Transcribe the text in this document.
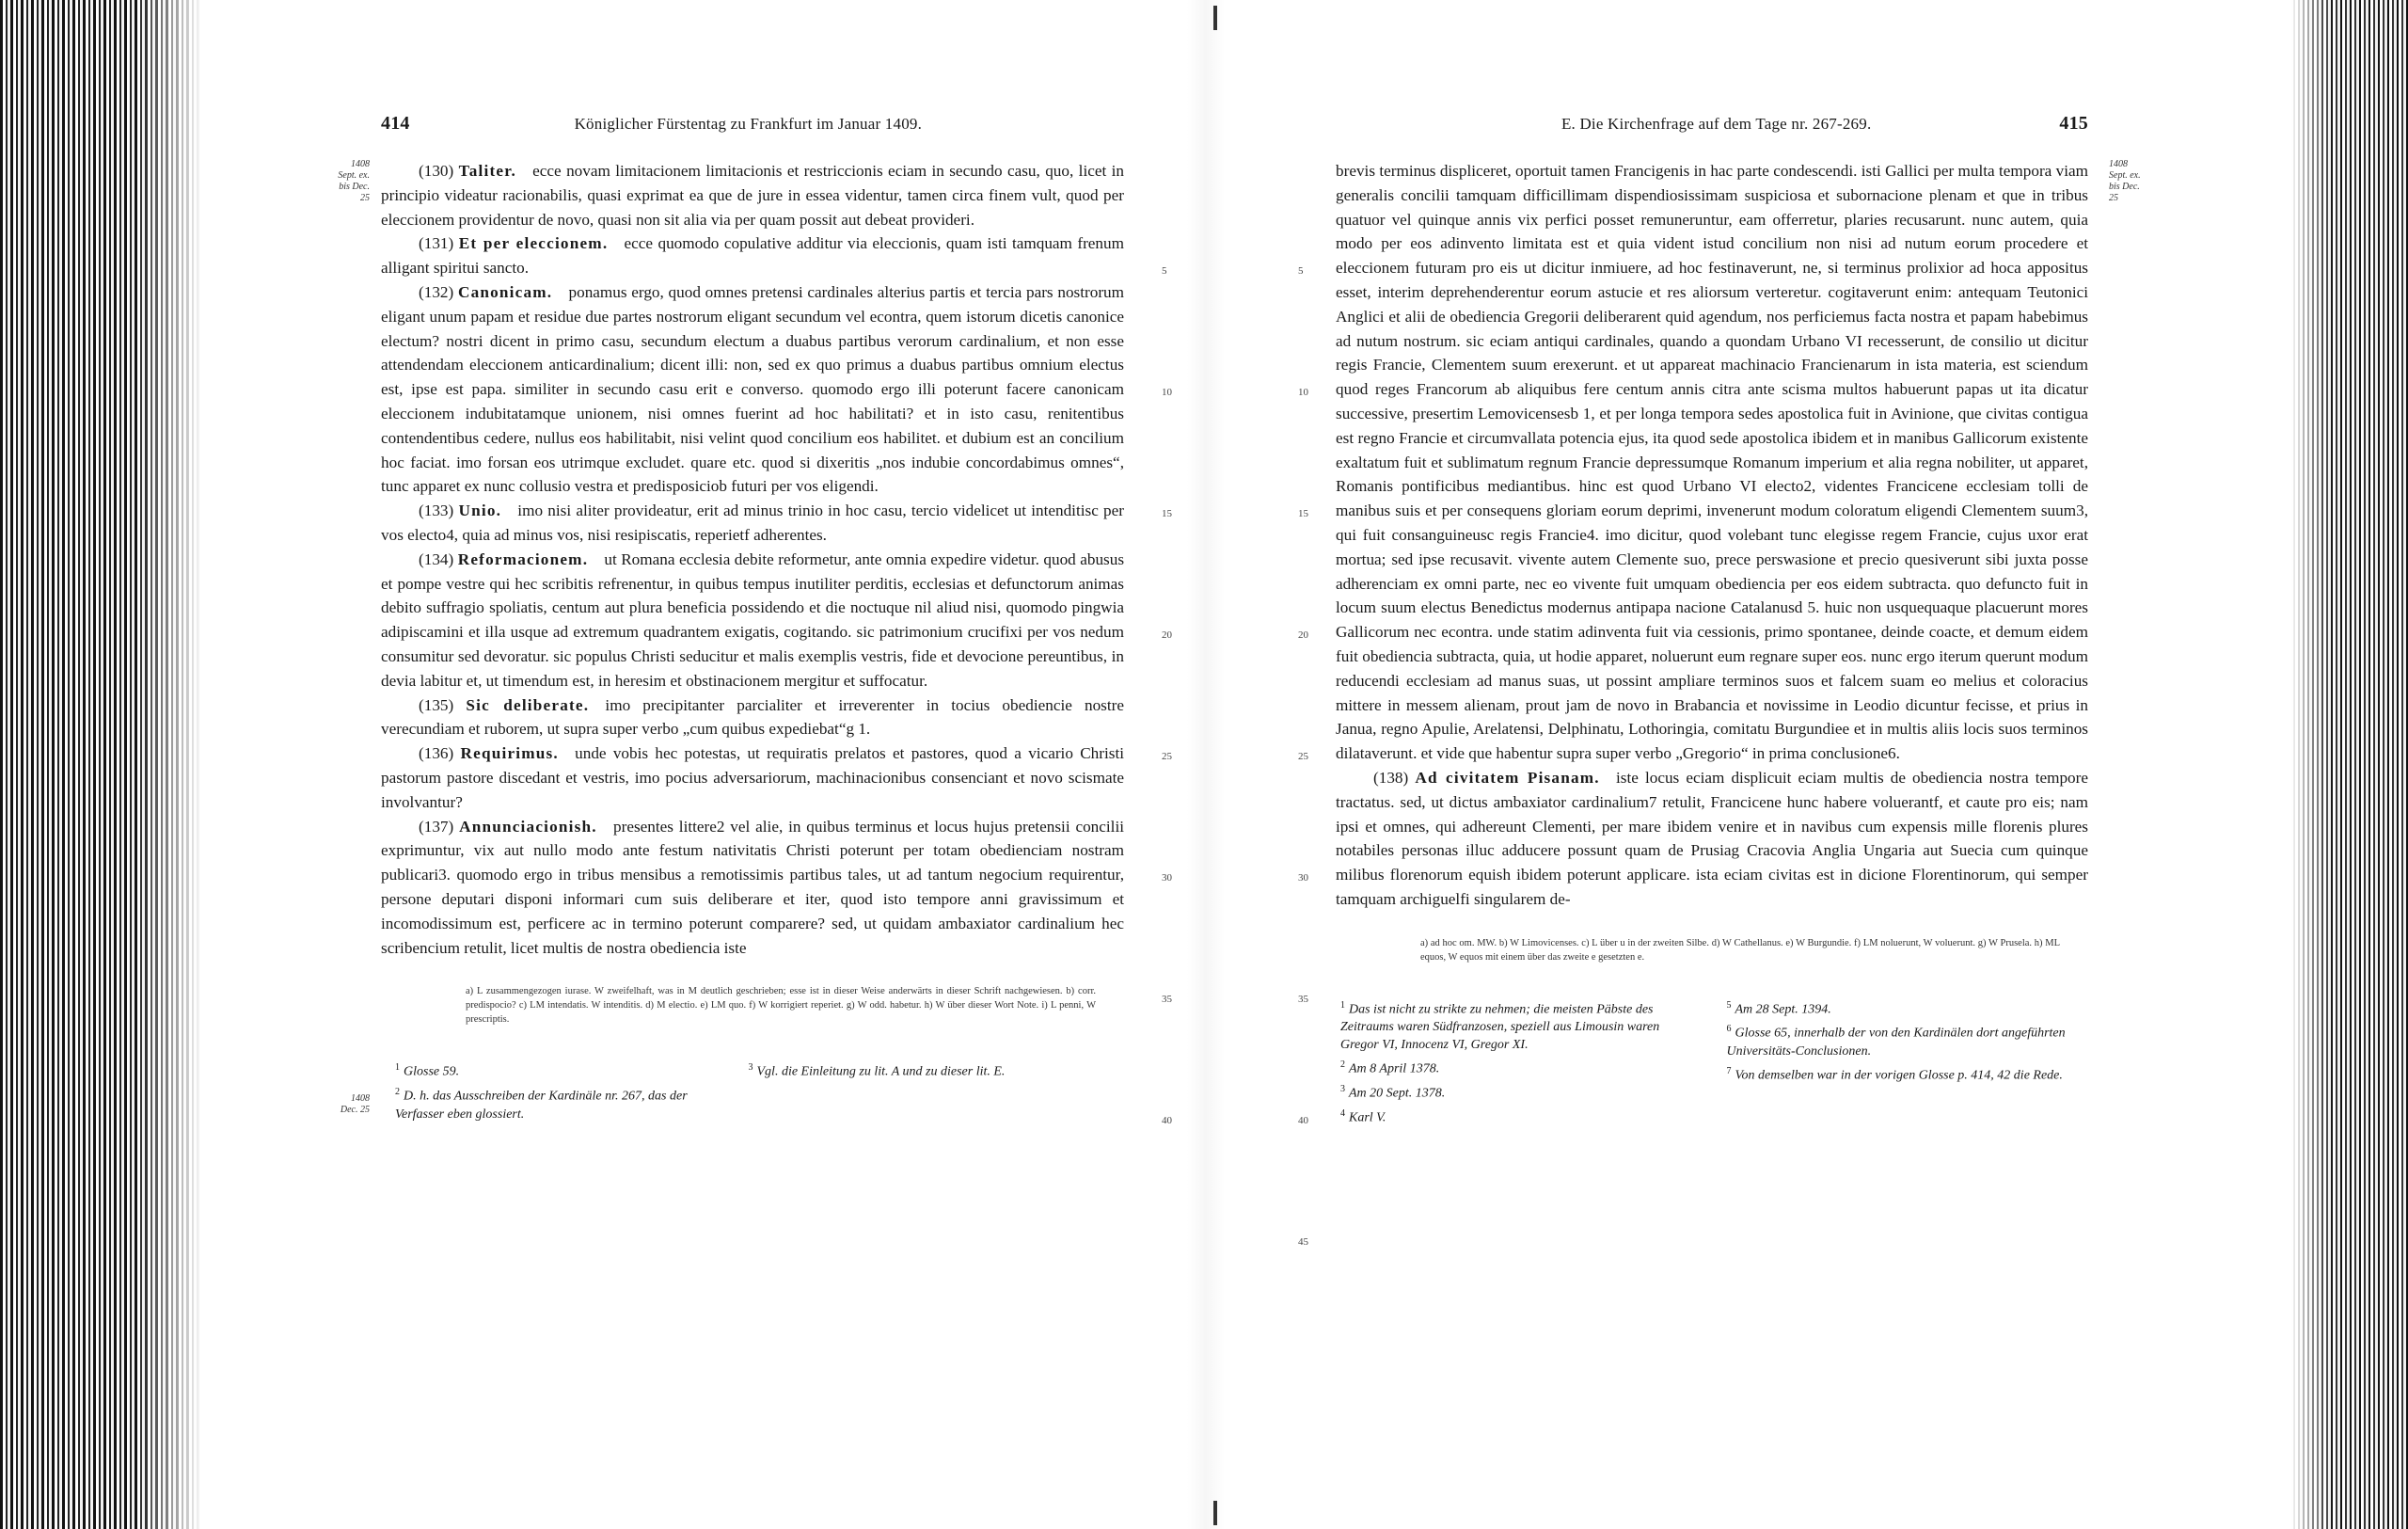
414	Königlicher Fürstentag zu Frankfurt im Januar 1409.
1408 Sept. ex. bis Dec. 25
1408 Dec. 25
5
10
15
20
25
30
35
40

(130) Taliter.  ecce novam limitacionem limitacionis et restriccionis eciam in secundo casu, quo, licet in principio videatur racionabilis, quasi exprimat ea que de jure in essea videntur, tamen circa finem vult, quod per eleccionem providentur de novo, quasi non sit alia via per quam possit aut debeat provideri.

(131) Et per eleccionem.  ecce quomodo copulative additur via eleccionis, quam isti tamquam frenum alligant spiritui sancto.

(132) Canonicam.  ponamus ergo, quod omnes pretensi cardinales alterius partis et tercia pars nostrorum eligant unum papam et residue due partes nostrorum eligant secundum vel econtra, quem istorum dicetis canonice electum? nostri dicent in primo casu, secundum electum a duabus partibus verorum cardinalium, et non esse attendendam eleccionem anticardinalium; dicent illi: non, sed ex quo primus a duabus partibus omnium electus est, ipse est papa. similiter in secundo casu erit e converso. quomodo ergo illi poterunt facere canonicam eleccionem indubitatamque unionem, nisi omnes fuerint ad hoc habilitati? et in isto casu, renitentibus contendentibus cedere, nullus eos habilitabit, nisi velint quod concilium eos habilitet. et dubium est an concilium hoc faciat. imo forsan eos utrimque excludet. quare etc. quod si dixeritis „nos indubie concordabimus omnes“, tunc apparet ex nunc collusio vestra et predisposiciob futuri per vos eligendi.

(133) Unio.  imo nisi aliter provideatur, erit ad minus trinio in hoc casu, tercio videlicet ut intenditisc per vos electo4, quia ad minus vos, nisi resipiscatis, reperietf adherentes.

(134) Reformacionem.  ut Romana ecclesia debite reformetur, ante omnia expedire videtur. quod abusus et pompe vestre qui hec scribitis refrenentur, in quibus tempus inutiliter perditis, ecclesias et defunctorum animas debito suffragio spoliatis, centum aut plura beneficia possidendo et die noctuque nil aliud nisi, quomodo pingwia adipiscamini et illa usque ad extremum quadrantem exigatis, cogitando. sic patrimonium crucifixi per vos nedum consumitur sed devoratur. sic populus Christi seducitur et malis exemplis vestris, fide et devocione pereuntibus, in devia labitur et, ut timendum est, in heresim et obstinacionem mergitur et suffocatur.

(135) Sic deliberate.  imo precipitanter parcialiter et irreverenter in tocius obediencie nostre verecundiam et ruborem, ut supra super verbo „cum quibus expediebat“g 1.

(136) Requirimus.  unde vobis hec potestas, ut requiratis prelatos et pastores, quod a vicario Christi pastorum pastore discedant et vestris, imo pocius adversariorum, machinacionibus consenciant et novo scismate involvantur?

(137) Annunciacionish.  presentes littere2 vel alie, in quibus terminus et locus hujus pretensii concilii exprimuntur, vix aut nullo modo ante festum nativitatis Christi poterunt per totam obedienciam nostram publicari3. quomodo ergo in tribus mensibus a remotissimis partibus tales, ut ad tantum negocium requirentur, persone deputari disponi informari cum suis deliberare et iter, quod isto tempore anni gravissimum et incomodissimum est, perficere ac in termino poterunt comparere? sed, ut quidam ambaxiator cardinalium hec scribencium retulit, licet multis de nostra obediencia iste

a) L zusammengezogen iurase. W zweifelhaft, was in M deutlich geschrieben; esse ist in dieser Weise anderwärts in dieser Schrift nachgewiesen. b) corr. predispocio? c) LM intendatis. W intenditis. d) M electio. e) LM quo. f) W korrigiert reperiet. g) W odd. habetur. h) W über dieser Wort Note. i) L penni, W prescriptis.

$^1$ Glosse 59.

$^2$ D. h. das Ausschreiben der Kardinäle nr. 267, das der Verfasser eben glossiert.

$^3$ Vgl. die Einleitung zu lit. A und zu dieser lit. E.

E. Die Kirchenfrage auf dem Tage nr. 267-269.	415
1408 Sept. ex. bis Dec. 25
5
10
15
20
25
30
35
40
45

brevis terminus displiceret, oportuit tamen Francigenis in hac parte condescendi. isti Gallici per multa tempora viam generalis concilii tamquam difficillimam dispendiosissimam suspiciosa et subornacione plenam et que in tribus quatuor vel quinque annis vix perfici posset remuneruntur, eam offerretur, plaries recusarunt. nunc autem, quia modo per eos adinvento limitata est et quia vident istud concilium non nisi ad nutum eorum procedere et eleccionem futuram pro eis ut dicitur inmiuere, ad hoc festinaverunt, ne, si terminus prolixior ad hoca appositus esset, interim deprehenderentur eorum astucie et res aliorsum verteretur. cogitaverunt enim: antequam Teutonici Anglici et alii de obediencia Gregorii deliberarent quid agendum, nos perficiemus facta nostra et papam habebimus ad nutum nostrum. sic eciam antiqui cardinales, quando a quondam Urbano VI recesserunt, de consilio ut dicitur regis Francie, Clementem suum erexerunt. et ut appareat machinacio Francienarum in ista materia, est sciendum quod reges Francorum ab aliquibus fere centum annis citra ante scisma multos habuerunt papas ut ita dicatur successive, presertim Lemovicensesb 1, et per longa tempora sedes apostolica fuit in Avinione, que civitas contigua est regno Francie et circumvallata potencia ejus, ita quod sede apostolica ibidem et in manibus Gallicorum existente exaltatum fuit et sublimatum regnum Francie depressumque Romanum imperium et alia regna nobiliter, ut apparet, Romanis pontificibus mediantibus. hinc est quod Urbano VI electo2, videntes Francicene ecclesiam tolli de manibus suis et per consequens gloriam eorum deprimi, invenerunt modum coloratum eligendi Clementem suum3, qui fuit consanguineusc regis Francie4. imo dicitur, quod volebant tunc elegisse regem Francie, cujus uxor erat mortua; sed ipse recusavit. vivente autem Clemente suo, prece perswasione et precio quesiverunt sibi juxta posse adherenciam ex omni parte, nec eo vivente fuit umquam obediencia per eos eidem subtracta. quo defuncto fuit in locum suum electus Benedictus modernus antipapa nacione Catalanusd 5. huic non usquequaque placuerunt mores Gallicorum nec econtra. unde statim adinventa fuit via cessionis, primo spontanee, deinde coacte, et demum eidem fuit obediencia subtracta, quia, ut hodie apparet, noluerunt eum regnare super eos. nunc ergo iterum querunt modum reducendi ecclesiam ad manus suas, ut possint ampliare terminos suos et falcem suam eo melius et coloracius mittere in messem alienam, prout jam de novo in Brabancia et novissime in Leodio dicuntur fecisse, et prius in Janua, regno Apulie, Arelatensi, Delphinatu, Lothoringia, comitatu Burgundiee et in multis aliis locis suos terminos dilataverunt. et vide que habentur supra super verbo „Gregorio“ in prima conclusione6.

(138) Ad civitatem Pisanam.  iste locus eciam displicuit eciam multis de obediencia nostra tempore tractatus. sed, ut dictus ambaxiator cardinalium7 retulit, Francicene hunc habere voluerantf, et caute pro eis; nam ipsi et omnes, qui adhereunt Clementi, per mare ibidem venire et in navibus cum expensis mille florenis plures notabiles personas illuc adducere possunt quam de Prusiag Cracovia Anglia Ungaria aut Suecia cum quinque milibus florenorum equish ibidem poterunt applicare. ista eciam civitas est in dicione Florentinorum, qui semper tamquam archiguelfi singularem de-

a) ad hoc om. MW. b) W Limovicenses. c) L über u in der zweiten Silbe. d) W Cathellanus. e) W Burgundie. f) LM noluerunt, W voluerunt. g) W Prusela. h) ML equos, W equos mit einem über das zweite e gesetzten e.

$^1$ Das ist nicht zu strikte zu nehmen; die meisten Päbste des Zeitraums waren Südfranzosen, speziell aus Limousin waren Gregor VI, Innocenz VI, Gregor XI.

$^2$ Am 8 April 1378.

$^3$ Am 20 Sept. 1378.

$^4$ Karl V.

$^5$ Am 28 Sept. 1394.

$^6$ Glosse 65, innerhalb der von den Kardinälen dort angeführten Universitäts-Conclusionen.

$^7$ Von demselben war in der vorigen Glosse p. 414, 42 die Rede.
